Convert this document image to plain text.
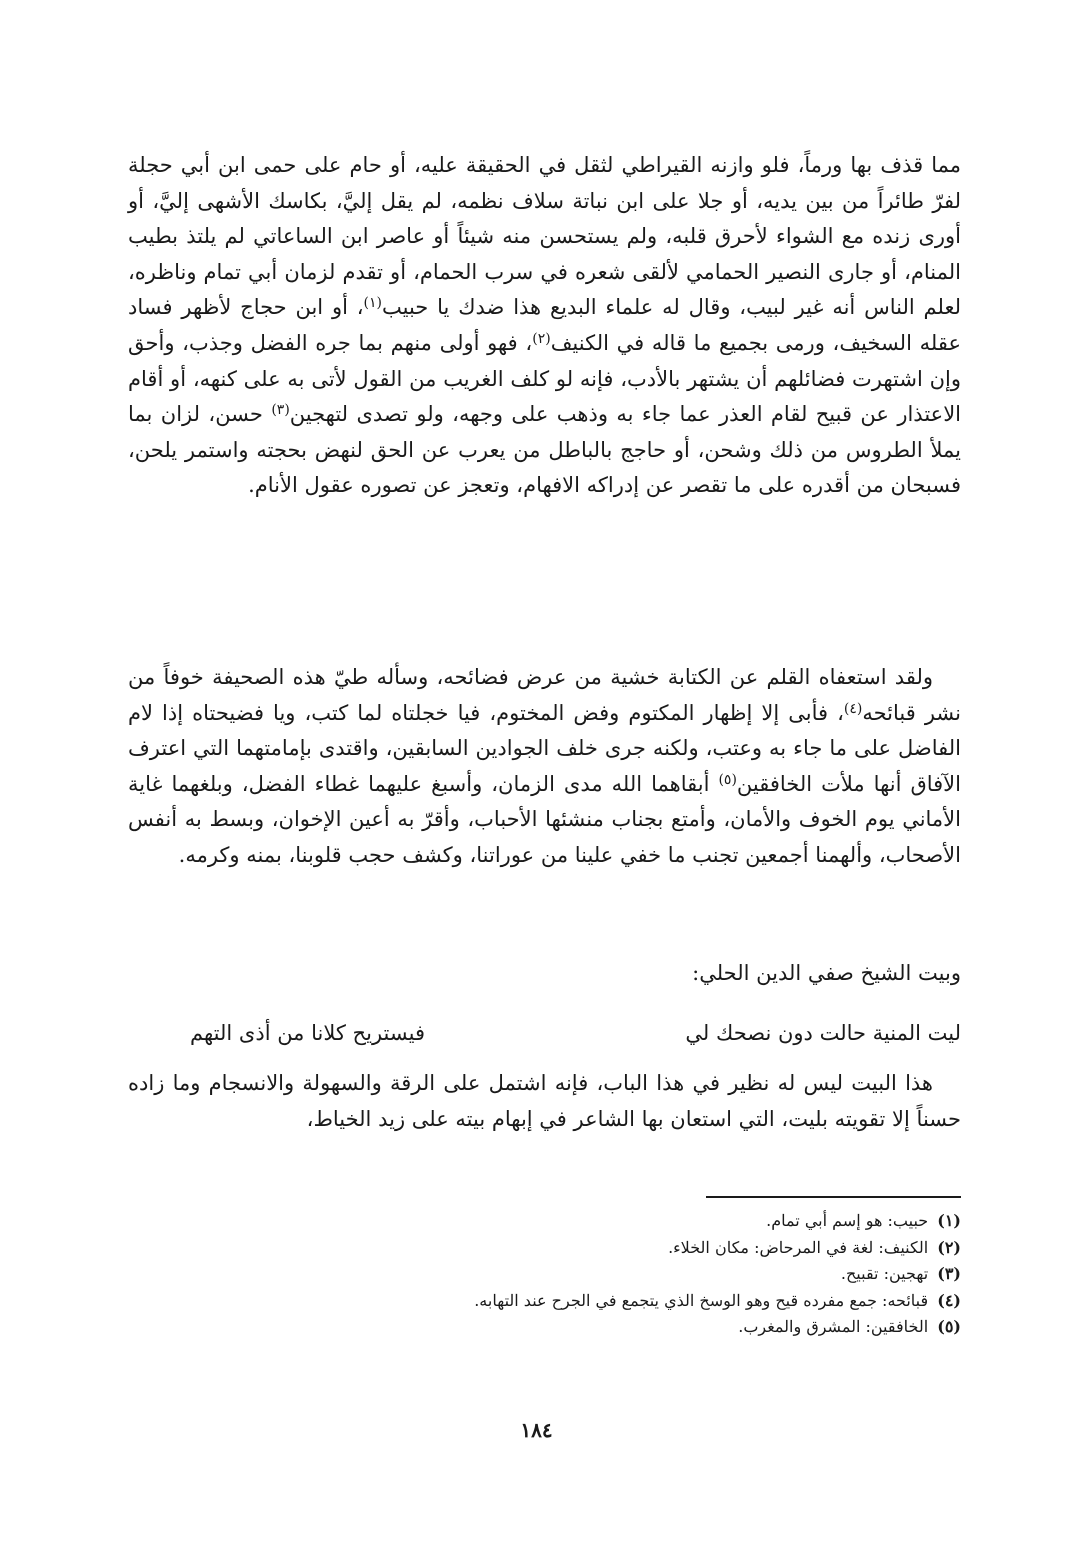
مما قذف بها ورماً، فلو وازنه القيراطي لثقل في الحقيقة عليه، أو حام على حمى ابن أبي حجلة لفرّ طائراً من بين يديه، أو جلا على ابن نباتة سلاف نظمه، لم يقل إليَّ، بكاسك الأشهى إليَّ، أو أورى زنده مع الشواء لأحرق قلبه، ولم يستحسن منه شيئاً أو عاصر ابن الساعاتي لم يلتذ بطيب المنام، أو جارى النصير الحمامي لألقى شعره في سرب الحمام، أو تقدم لزمان أبي تمام وناظره، لعلم الناس أنه غير لبيب، وقال له علماء البديع هذا ضدك يا حبيب$^{(١)}$، أو ابن حجاج لأظهر فساد عقله السخيف، ورمى بجميع ما قاله في الكنيف$^{(٢)}$، فهو أولى منهم بما جره الفضل وجذب، وأحق وإن اشتهرت فضائلهم أن يشتهر بالأدب، فإنه لو كلف الغريب من القول لأتى به على كنهه، أو أقام الاعتذار عن قبيح لقام العذر عما جاء به وذهب على وجهه، ولو تصدى لتهجين$^{(٣)}$ حسن، لزان بما يملأ الطروس من ذلك وشحن، أو حاجج بالباطل من يعرب عن الحق لنهض بحجته واستمر يلحن، فسبحان من أقدره على ما تقصر عن إدراكه الافهام، وتعجز عن تصوره عقول الأنام.

ولقد استعفاه القلم عن الكتابة خشية من عرض فضائحه، وسأله طيّ هذه الصحيفة خوفاً من نشر قبائحه$^{(٤)}$، فأبى إلا إظهار المكتوم وفض المختوم، فيا خجلتاه لما كتب، ويا فضيحتاه إذا لام الفاضل على ما جاء به وعتب، ولكنه جرى خلف الجوادين السابقين، واقتدى بإمامتهما التي اعترف الآفاق أنها ملأت الخافقين$^{(٥)}$ أبقاهما الله مدى الزمان، وأسبغ عليهما غطاء الفضل، وبلغهما غاية الأماني يوم الخوف والأمان، وأمتع بجناب منشئها الأحباب، وأقرّ به أعين الإخوان، وبسط به أنفس الأصحاب، وألهمنا أجمعين تجنب ما خفي علينا من عوراتنا، وكشف حجب قلوبنا، بمنه وكرمه.

وبيت الشيخ صفي الدين الحلي:
ليت المنية حالت دون نصحك لي
فيستريح كلانا من أذى التهم

هذا البيت ليس له نظير في هذا الباب، فإنه اشتمل على الرقة والسهولة والانسجام وما زاده حسناً إلا تقويته بليت، التي استعان بها الشاعر في إبهام بيته على زيد الخياط،

(١) حبيب: هو إسم أبي تمام.
(٢) الكنيف: لغة في المرحاض: مكان الخلاء.
(٣) تهجين: تقبيح.
(٤) قبائحه: جمع مفرده قيح وهو الوسخ الذي يتجمع في الجرح عند التهابه.
(٥) الخافقين: المشرق والمغرب.
١٨٤
